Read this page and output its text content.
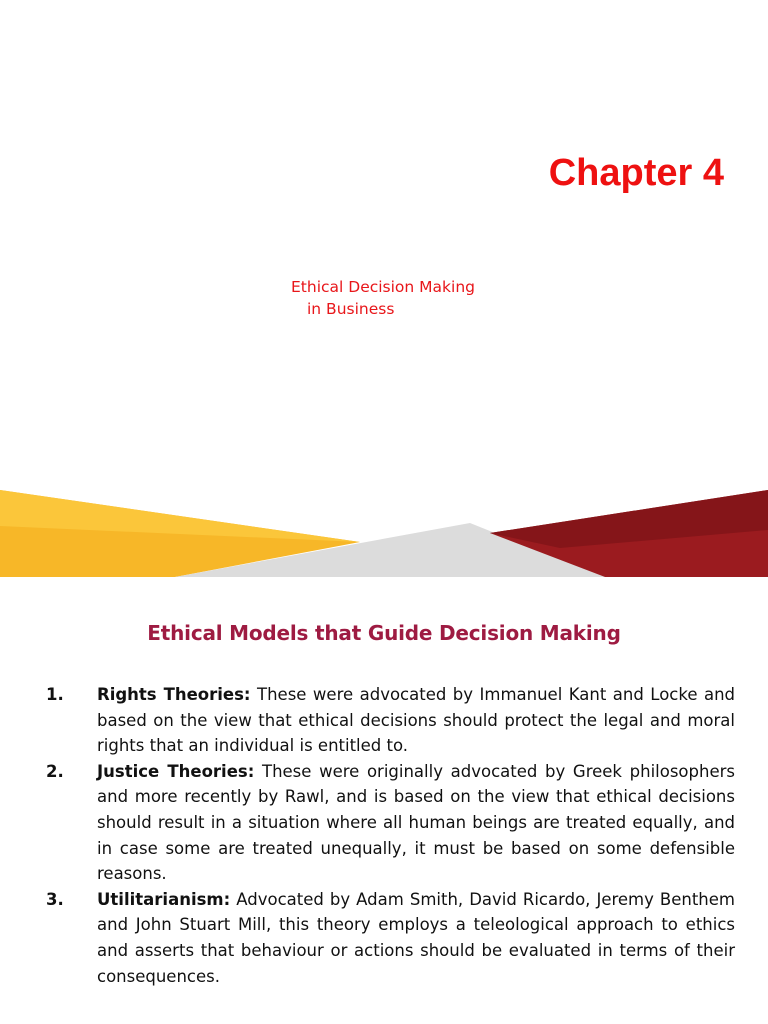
Chapter 4

Ethical Decision Making
in Business

Ethical Models that Guide Decision Making
1. Rights Theories: These were advocated by Immanuel Kant and Locke and based on the view that ethical decisions should protect the legal and moral rights that an individual is entitled to.
2. Justice Theories: These were originally advocated by Greek philosophers and more recently by Rawl, and is based on the view that ethical decisions should result in a situation where all human beings are treated equally, and in case some are treated unequally, it must be based on some defensible reasons.
3. Utilitarianism: Advocated by Adam Smith, David Ricardo, Jeremy Benthem and John Stuart Mill, this theory employs a teleological approach to ethics and asserts that behaviour or actions should be evaluated in terms of their consequences.
